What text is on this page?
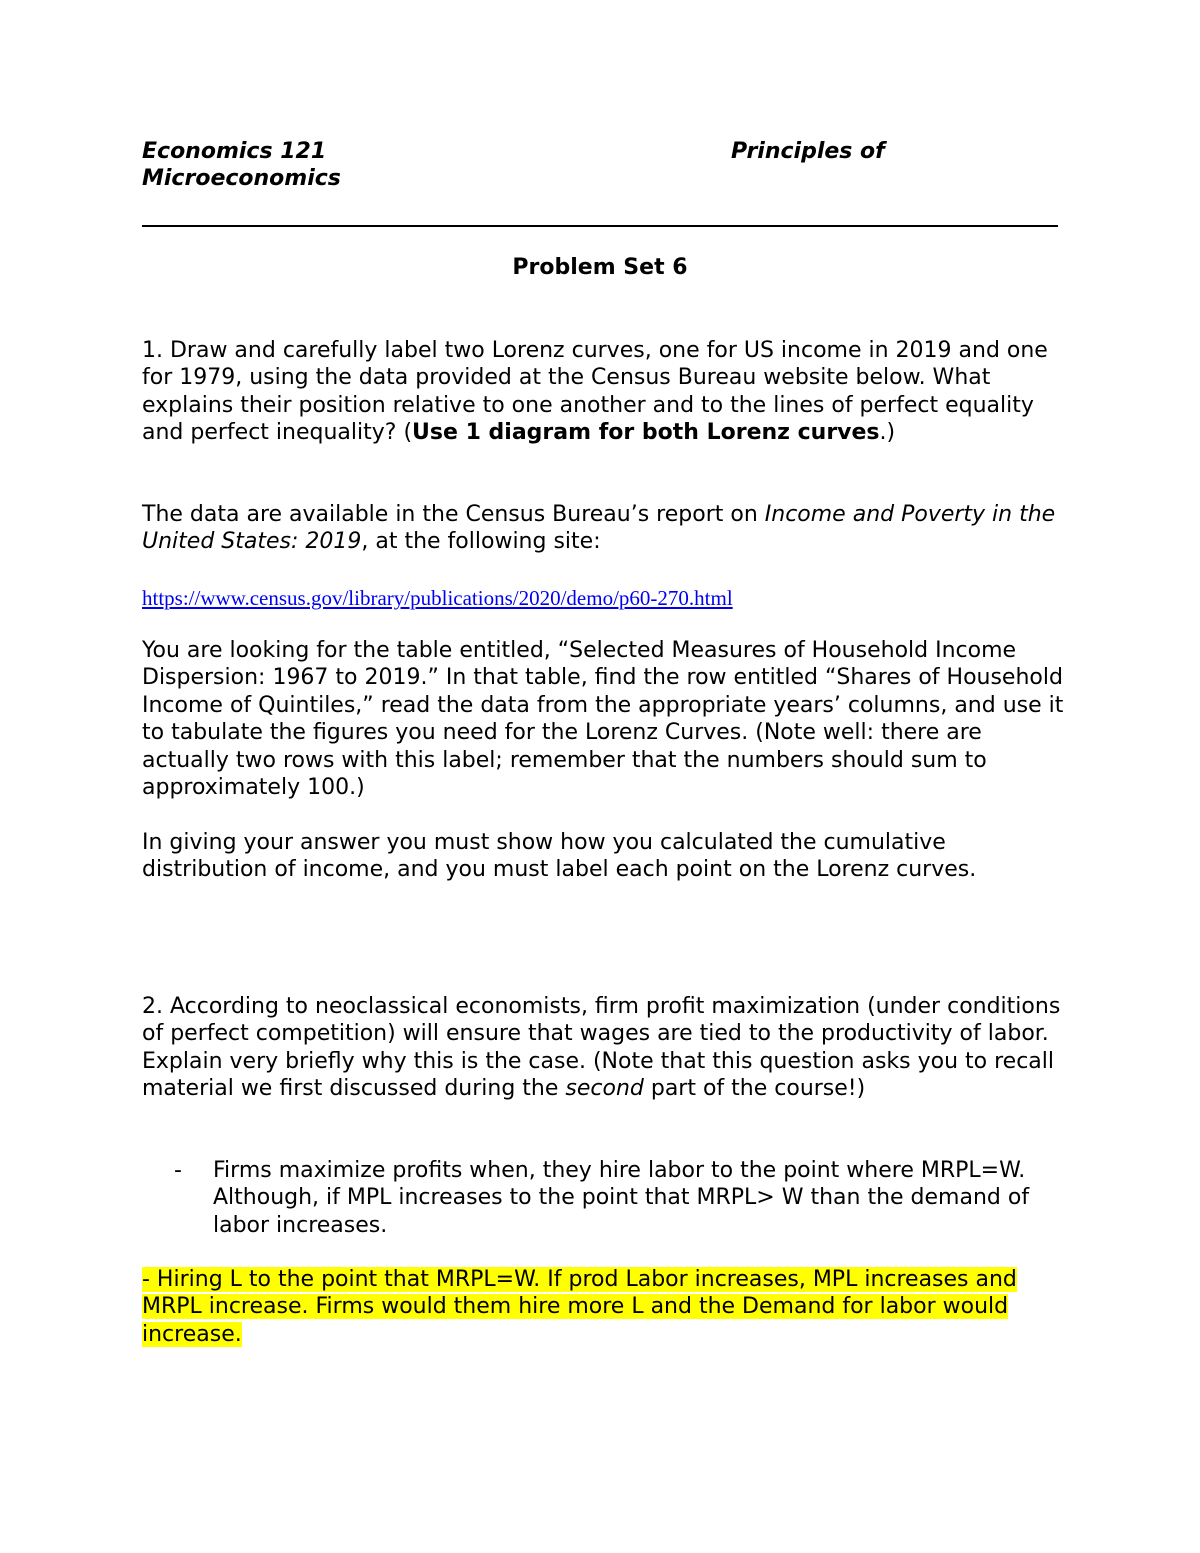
Economics 121	Principles of
Microeconomics
Problem Set 6

1. Draw and carefully label two Lorenz curves, one for US income in 2019 and one for 1979, using the data provided at the Census Bureau website below. What explains their position relative to one another and to the lines of perfect equality and perfect inequality? (Use 1 diagram for both Lorenz curves.)

The data are available in the Census Bureau’s report on Income and Poverty in the United States: 2019, at the following site:

https://www.census.gov/library/publications/2020/demo/p60-270.html

You are looking for the table entitled, “Selected Measures of Household Income Dispersion: 1967 to 2019.” In that table, find the row entitled “Shares of Household Income of Quintiles,” read the data from the appropriate years’ columns, and use it to tabulate the figures you need for the Lorenz Curves. (Note well: there are actually two rows with this label; remember that the numbers should sum to approximately 100.)

In giving your answer you must show how you calculated the cumulative distribution of income, and you must label each point on the Lorenz curves.

2. According to neoclassical economists, firm profit maximization (under conditions of perfect competition) will ensure that wages are tied to the productivity of labor. Explain very briefly why this is the case. (Note that this question asks you to recall material we first discussed during the second part of the course!)

- Firms maximize profits when, they hire labor to the point where MRPL=W. Although, if MPL increases to the point that MRPL> W than the demand of labor increases.

- Hiring L to the point that MRPL=W. If prod Labor increases, MPL increases and MRPL increase. Firms would them hire more L and the Demand for labor would increase.
